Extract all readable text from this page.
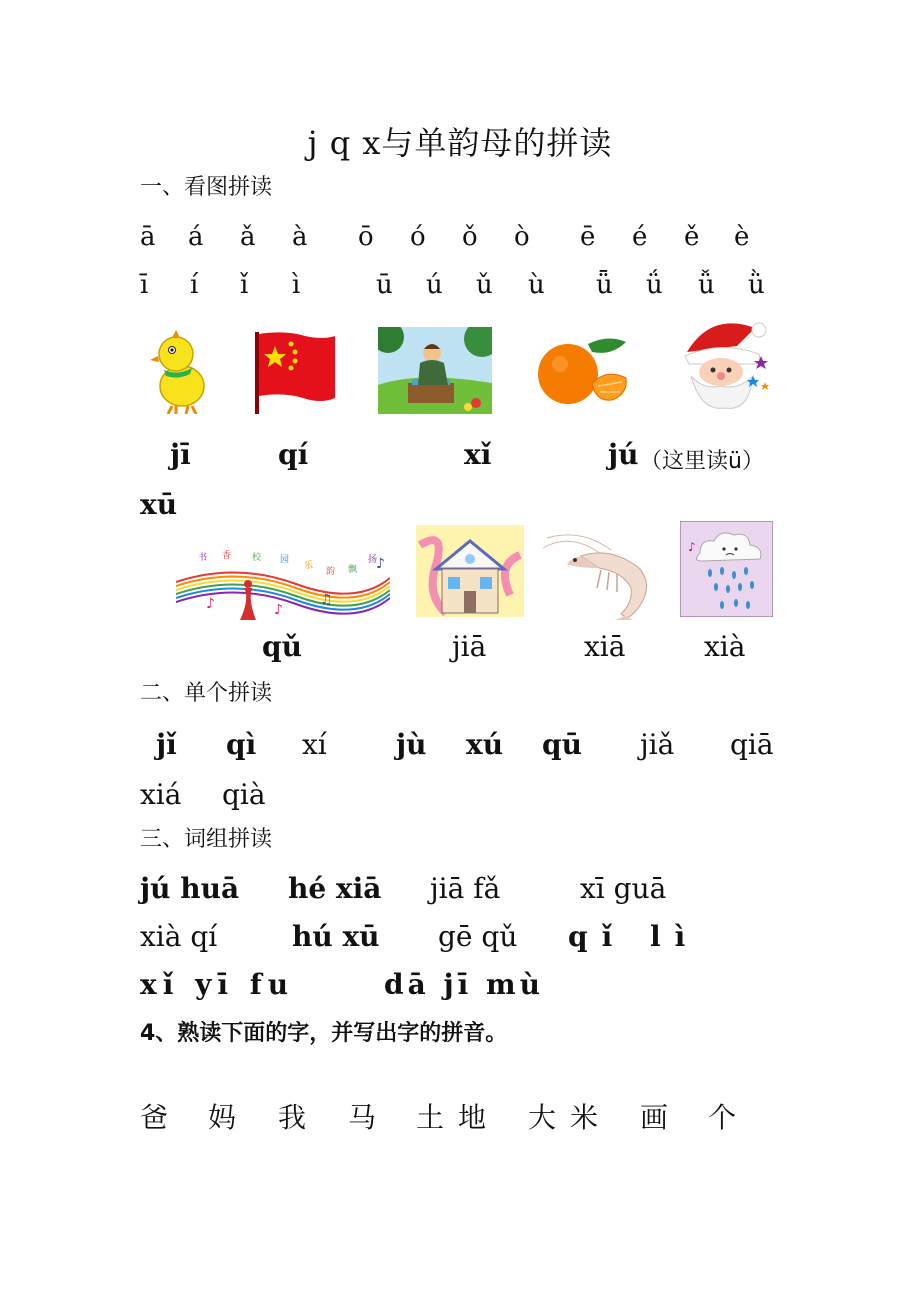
j q x与单韵母的拼读
一、看图拼读
ā á ǎ à ō ó ǒ ò ē é ě è
ī í ǐ ì	ū ú ǔ ù ǖ ǘ ǚ ǜ
jī	qí	xǐ	jú （这里读ü）
xū
书 香 校 园
乐
韵 飘
扬
♪	♪
♫
♪
♪
qǔ	jiā	xiā	xià
二、单个拼读
jǐ qì xí jù xú qū jiǎ qiā
xiá qià
三、词组拼读
jú huā hé xiā jiā fǎ	xī guā
xià qí	hú xū gē qǔ qǐ lì
xǐ yī fu	dā jī mù
4、熟读下面的字，并写出字的拼音。
爸 妈 我 马 土地 大米 画 个
